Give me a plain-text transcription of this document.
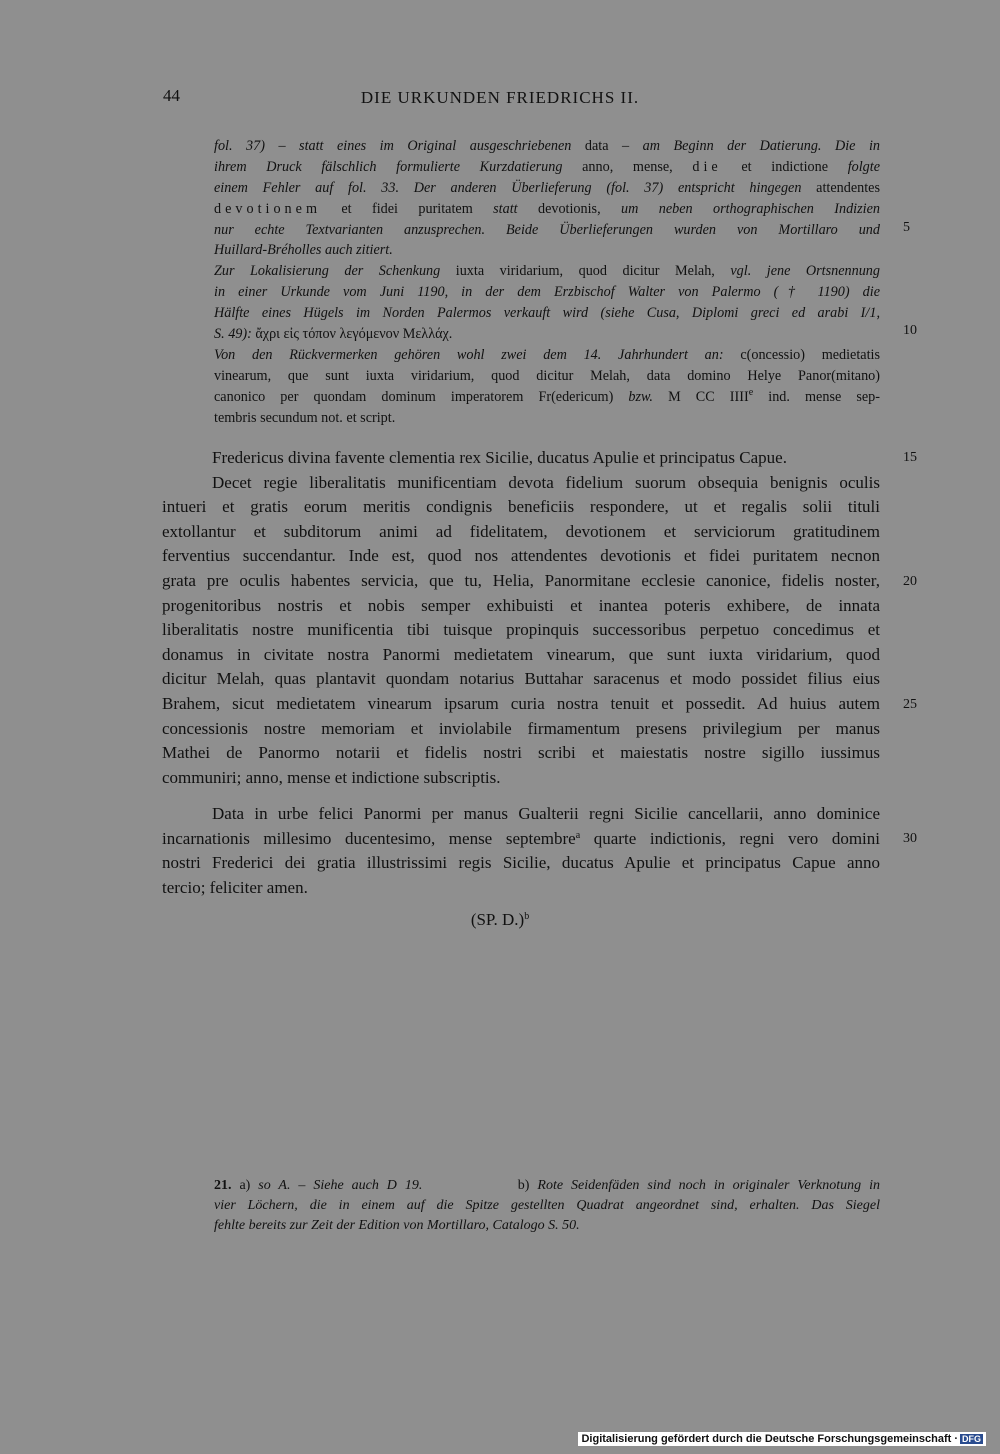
44	DIE URKUNDEN FRIEDRICHS II.
fol. 37) – statt eines im Original ausgeschriebenen data – am Beginn der Datierung. Die in
ihrem Druck fälschlich formulierte Kurzdatierung anno, mense, die et indictione folgte
einem Fehler auf fol. 33. Der anderen Überlieferung (fol. 37) entspricht hingegen attendentes
devotionem et fidei puritatem statt devotionis, um neben orthographischen Indizien
nur echte Textvarianten anzusprechen. Beide Überlieferungen wurden von Mortillaro und
Huillard-Bréholles auch zitiert.
Zur Lokalisierung der Schenkung iuxta viridarium, quod dicitur Melah, vgl. jene Ortsnennung
in einer Urkunde vom Juni 1190, in der dem Erzbischof Walter von Palermo († 1190) die
Hälfte eines Hügels im Norden Palermos verkauft wird (siehe Cusa, Diplomi greci ed arabi I/1,
S. 49): ἄχρι εἰς τόπον λεγόμενον Μελλάχ.
Von den Rückvermerken gehören wohl zwei dem 14. Jahrhundert an: c(oncessio) medietatis
vinearum, que sunt iuxta viridarium, quod dicitur Melah, data domino Helye Panor(mitano)
canonico per quondam dominum imperatorem Fr(edericum) bzw. M CC IIIIe ind. mense sep-
tembris secundum not. et script.
5
10
15
20
25
30
Fredericus divina favente clementia rex Sicilie, ducatus Apulie et principatus Capue.
Decet regie liberalitatis munificentiam devota fidelium suorum obsequia benignis oculis
intueri et gratis eorum meritis condignis beneficiis respondere, ut et regalis solii tituli
extollantur et subditorum animi ad fidelitatem, devotionem et serviciorum gratitudinem
ferventius succendantur. Inde est, quod nos attendentes devotionis et fidei puritatem necnon
grata pre oculis habentes servicia, que tu, Helia, Panormitane ecclesie canonice, fidelis noster,
progenitoribus nostris et nobis semper exhibuisti et inantea poteris exhibere, de innata
liberalitatis nostre munificentia tibi tuisque propinquis successoribus perpetuo concedimus et
donamus in civitate nostra Panormi medietatem vinearum, que sunt iuxta viridarium, quod
dicitur Melah, quas plantavit quondam notarius Buttahar saracenus et modo possidet filius eius
Brahem, sicut medietatem vinearum ipsarum curia nostra tenuit et possedit. Ad huius autem
concessionis nostre memoriam et inviolabile firmamentum presens privilegium per manus
Mathei de Panormo notarii et fidelis nostri scribi et maiestatis nostre sigillo iussimus
communiri; anno, mense et indictione subscriptis.
Data in urbe felici Panormi per manus Gualterii regni Sicilie cancellarii, anno dominice
incarnationis millesimo ducentesimo, mense septembre$^a$ quarte indictionis, regni vero domini
nostri Frederici dei gratia illustrissimi regis Sicilie, ducatus Apulie et principatus Capue anno
tercio; feliciter amen.
(SP. D.)$^b$
21. a) so A. – Siehe auch D 19.            b) Rote Seidenfäden sind noch in originaler Verknotung in
vier Löchern, die in einem auf die Spitze gestellten Quadrat angeordnet sind, erhalten. Das Siegel
fehlte bereits zur Zeit der Edition von Mortillaro, Catalogo S. 50.
Digitalisierung gefördert durch die Deutsche Forschungsgemeinschaft · DFG
